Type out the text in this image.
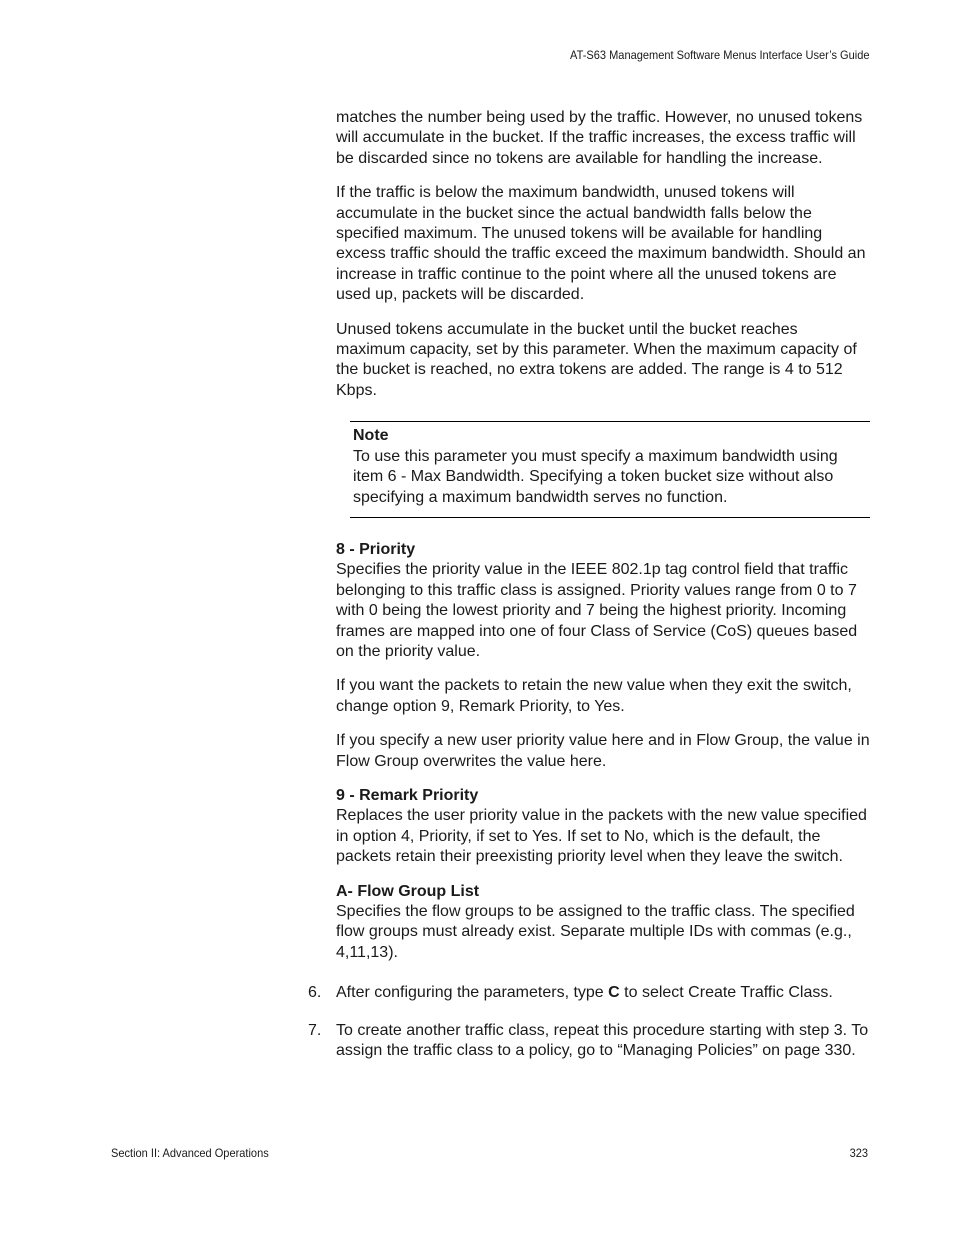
AT-S63 Management Software Menus Interface User’s Guide

matches the number being used by the traffic. However, no unused tokens will accumulate in the bucket. If the traffic increases, the excess traffic will be discarded since no tokens are available for handling the increase.

If the traffic is below the maximum bandwidth, unused tokens will accumulate in the bucket since the actual bandwidth falls below the specified maximum. The unused tokens will be available for handling excess traffic should the traffic exceed the maximum bandwidth. Should an increase in traffic continue to the point where all the unused tokens are used up, packets will be discarded.

Unused tokens accumulate in the bucket until the bucket reaches maximum capacity, set by this parameter. When the maximum capacity of the bucket is reached, no extra tokens are added. The range is 4 to 512 Kbps.

Note

To use this parameter you must specify a maximum bandwidth using item 6 - Max Bandwidth. Specifying a token bucket size without also specifying a maximum bandwidth serves no function.

8 - Priority

Specifies the priority value in the IEEE 802.1p tag control field that traffic belonging to this traffic class is assigned. Priority values range from 0 to 7 with 0 being the lowest priority and 7 being the highest priority. Incoming frames are mapped into one of four Class of Service (CoS) queues based on the priority value.

If you want the packets to retain the new value when they exit the switch, change option 9, Remark Priority, to Yes.

If you specify a new user priority value here and in Flow Group, the value in Flow Group overwrites the value here.

9 - Remark Priority

Replaces the user priority value in the packets with the new value specified in option 4, Priority, if set to Yes. If set to No, which is the default, the packets retain their preexisting priority level when they leave the switch.

A- Flow Group List

Specifies the flow groups to be assigned to the traffic class. The specified flow groups must already exist. Separate multiple IDs with commas (e.g., 4,11,13).

6. After configuring the parameters, type C to select Create Traffic Class.
7. To create another traffic class, repeat this procedure starting with step 3. To assign the traffic class to a policy, go to “Managing Policies” on page 330.
Section II: Advanced Operations	323
